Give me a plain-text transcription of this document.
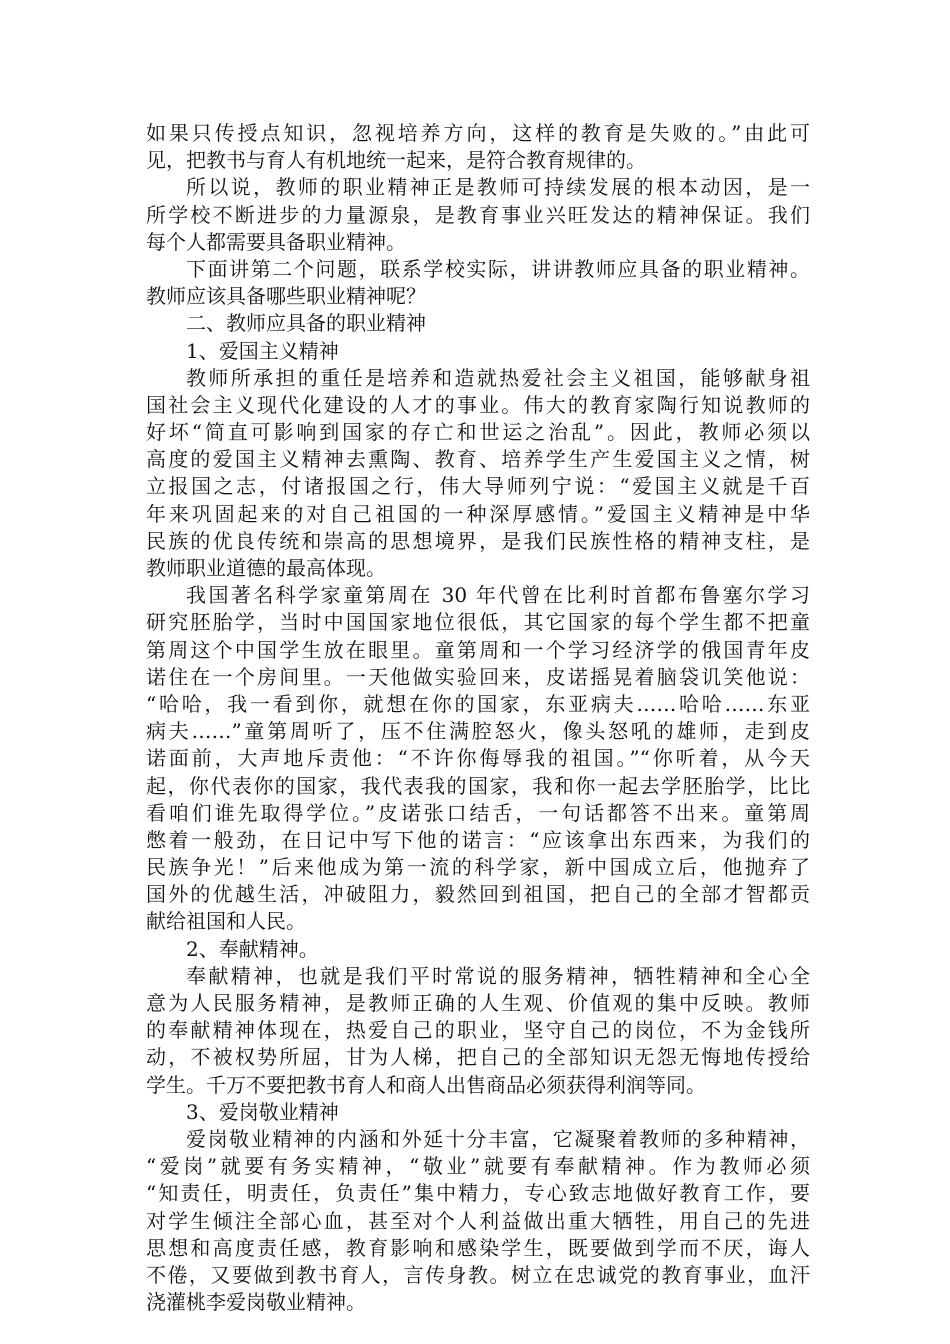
如果只传授点知识，忽视培养方向，这样的教育是失败的。”由此可
见，把教书与育人有机地统一起来，是符合教育规律的。
所以说，教师的职业精神正是教师可持续发展的根本动因，是一
所学校不断进步的力量源泉，是教育事业兴旺发达的精神保证。我们
每个人都需要具备职业精神。
下面讲第二个问题，联系学校实际，讲讲教师应具备的职业精神。
教师应该具备哪些职业精神呢？
二、教师应具备的职业精神
1、爱国主义精神
教师所承担的重任是培养和造就热爱社会主义祖国，能够献身祖
国社会主义现代化建设的人才的事业。伟大的教育家陶行知说教师的
好坏“简直可影响到国家的存亡和世运之治乱”。因此，教师必须以
高度的爱国主义精神去熏陶、教育、培养学生产生爱国主义之情，树
立报国之志，付诸报国之行，伟大导师列宁说：“爱国主义就是千百
年来巩固起来的对自己祖国的一种深厚感情。”爱国主义精神是中华
民族的优良传统和崇高的思想境界，是我们民族性格的精神支柱，是
教师职业道德的最高体现。
我国著名科学家童第周在 30 年代曾在比利时首都布鲁塞尔学习
研究胚胎学，当时中国国家地位很低，其它国家的每个学生都不把童
第周这个中国学生放在眼里。童第周和一个学习经济学的俄国青年皮
诺住在一个房间里。一天他做实验回来，皮诺摇晃着脑袋讥笑他说：
“哈哈，我一看到你，就想在你的国家，东亚病夫……哈哈……东亚
病夫……”童第周听了，压不住满腔怒火，像头怒吼的雄师，走到皮
诺面前，大声地斥责他：“不许你侮辱我的祖国。”“你听着，从今天
起，你代表你的国家，我代表我的国家，我和你一起去学胚胎学，比比
看咱们谁先取得学位。”皮诺张口结舌，一句话都答不出来。童第周
憋着一般劲，在日记中写下他的诺言：“应该拿出东西来，为我们的
民族争光！”后来他成为第一流的科学家，新中国成立后，他抛弃了
国外的优越生活，冲破阻力，毅然回到祖国，把自己的全部才智都贡
献给祖国和人民。
2、奉献精神。
奉献精神，也就是我们平时常说的服务精神，牺牲精神和全心全
意为人民服务精神，是教师正确的人生观、价值观的集中反映。教师
的奉献精神体现在，热爱自己的职业，坚守自己的岗位，不为金钱所
动，不被权势所屈，甘为人梯，把自己的全部知识无怨无悔地传授给
学生。千万不要把教书育人和商人出售商品必须获得利润等同。
3、爱岗敬业精神
爱岗敬业精神的内涵和外延十分丰富，它凝聚着教师的多种精神，
“爱岗”就要有务实精神，“敬业”就要有奉献精神。作为教师必须
“知责任，明责任，负责任”集中精力，专心致志地做好教育工作，要
对学生倾注全部心血，甚至对个人利益做出重大牺牲，用自己的先进
思想和高度责任感，教育影响和感染学生，既要做到学而不厌，诲人
不倦，又要做到教书育人，言传身教。树立在忠诚党的教育事业，血汗
浇灌桃李爱岗敬业精神。
